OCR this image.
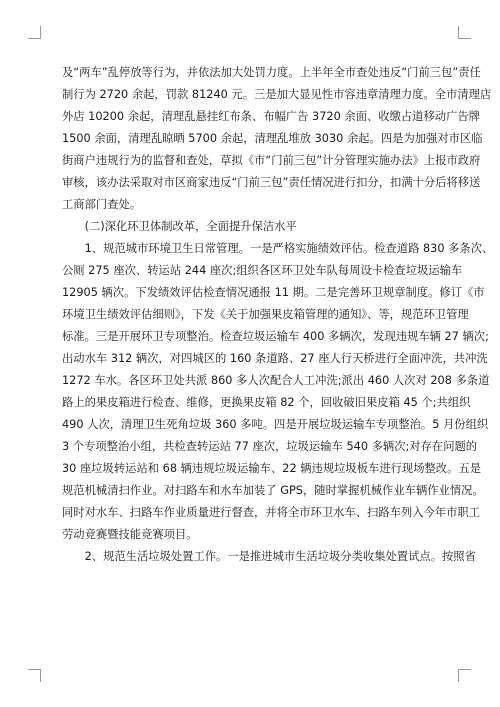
及“两车”乱停放等行为，并依法加大处罚力度。上半年全市查处违反“门前三包”责任
制行为 2720 余起，罚款 81240 元。三是加大显见性市容违章清理力度。全市清理店
外店 10200 余起，清理乱悬挂红布条、布幅广告 3720 余面、收缴占道移动广告牌
1500 余面，清理乱晾晒 5700 余起，清理乱堆放 3030 余起。四是为加强对市区临
街商户违规行为的监督和查处，草拟《市“门前三包”计分管理实施办法》上报市政府
审核，该办法采取对市区商家违反“门前三包”责任情况进行扣分，扣满十分后将移送
工商部门查处。
　　(二)深化环卫体制改革，全面提升保洁水平
　　1、规范城市环境卫生日常管理。一是严格实施绩效评估。检查道路 830 多条次、
公厕 275 座次、转运站 244 座次;组织各区环卫处车队每周设卡检查垃圾运输车
12905 辆次。下发绩效评估检查情况通报 11 期。二是完善环卫规章制度。修订《市
环境卫生绩效评估细则》，下发《关于加强果皮箱管理的通知》、等，规范环卫管理
标准。三是开展环卫专项整治。检查垃圾运输车 400 多辆次，发现违规车辆 27 辆次;
出动水车 312 辆次，对四城区的 160 条道路、27 座人行天桥进行全面冲洗，共冲洗
1272 车水。各区环卫处共派 860 多人次配合人工冲洗;派出 460 人次对 208 多条道
路上的果皮箱进行检查、维修，更换果皮箱 82 个，回收破旧果皮箱 45 个;共组织
490 人次，清理卫生死角垃圾 360 多吨。四是开展垃圾运输车专项整治。5 月份组织
3 个专项整治小组，共检查转运站 77 座次，垃圾运输车 540 多辆次;对存在问题的
30 座垃圾转运站和 68 辆违规垃圾运输车、22 辆违规垃圾板车进行现场整改。五是
规范机械清扫作业。对扫路车和水车加装了 GPS，随时掌握机械作业车辆作业情况。
同时对水车、扫路车作业质量进行督查，并将全市环卫水车、扫路车列入今年市职工
劳动竞赛暨技能竞赛项目。
　　2、规范生活垃圾处置工作。一是推进城市生活垃圾分类收集处置试点。按照省
